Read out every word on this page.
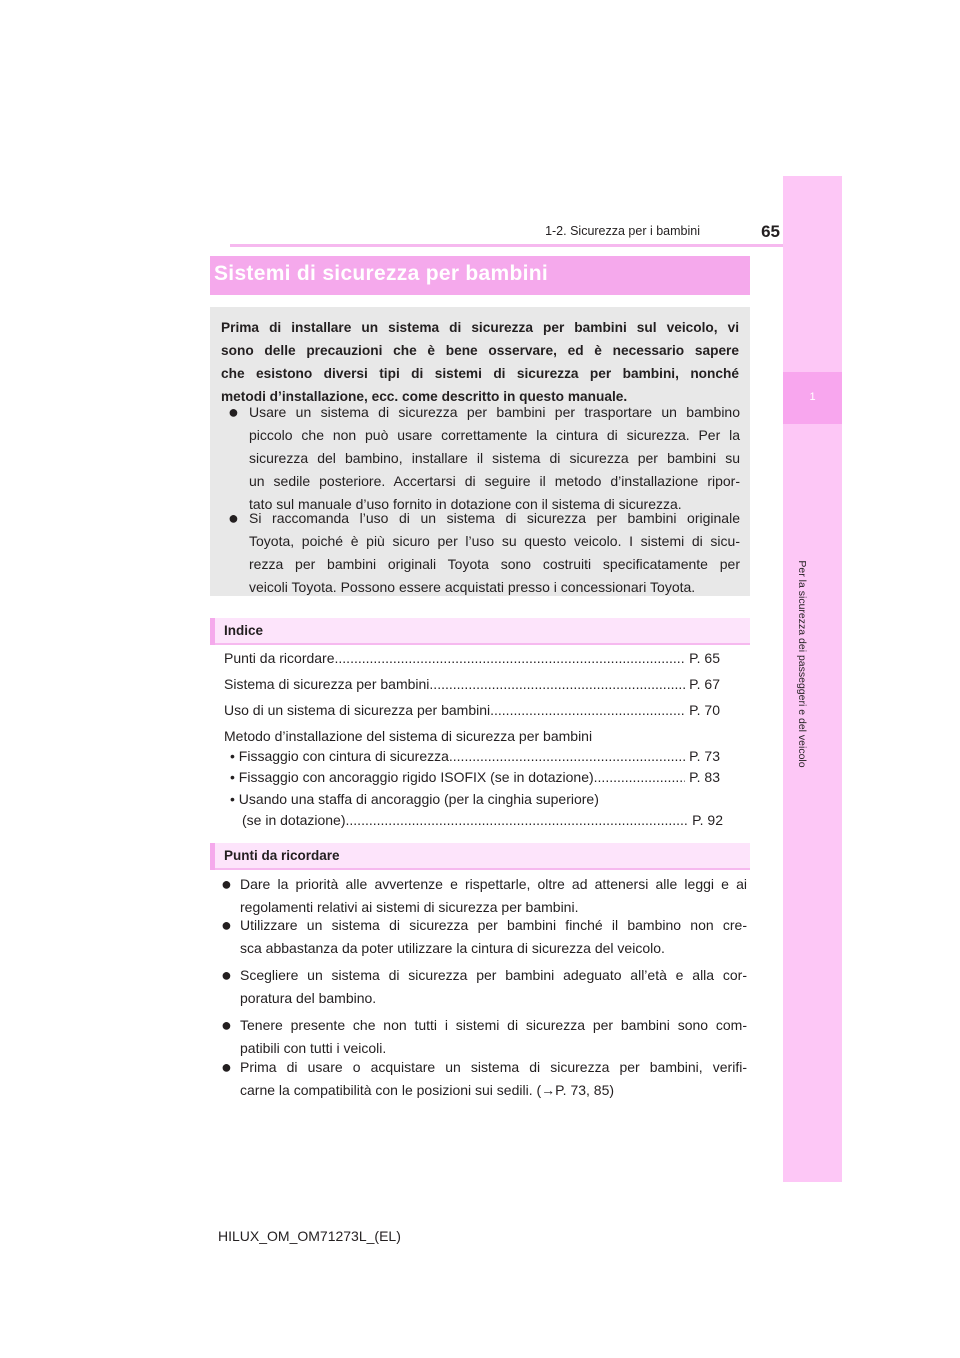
1-2. Sicurezza per i bambini	65
1
Per la sicurezza dei passeggeri e del veicolo
Sistemi di sicurezza per bambini
Prima di installare un sistema di sicurezza per bambini sul veicolo, vi
sono delle precauzioni che è bene osservare, ed è necessario sapere
che esistono diversi tipi di sistemi di sicurezza per bambini, nonché
metodi d’installazione, ecc. come descritto in questo manuale.
● Usare un sistema di sicurezza per bambini per trasportare un bambino
piccolo che non può usare correttamente la cintura di sicurezza. Per la
sicurezza del bambino, installare il sistema di sicurezza per bambini su
un sedile posteriore. Accertarsi di seguire il metodo d’installazione ripor-
tato sul manuale d’uso fornito in dotazione con il sistema di sicurezza.
● Si raccomanda l’uso di un sistema di sicurezza per bambini originale
Toyota, poiché è più sicuro per l’uso su questo veicolo. I sistemi di sicu-
rezza per bambini originali Toyota sono costruiti specificatamente per
veicoli Toyota. Possono essere acquistati presso i concessionari Toyota.
Indice
Punti da ricordare .....	P. 65
Sistema di sicurezza per bambini .....	P. 67
Uso di un sistema di sicurezza per bambini .....	P. 70
Metodo d’installazione del sistema di sicurezza per bambini
• Fissaggio con cintura di sicurezza .....	P. 73
• Fissaggio con ancoraggio rigido ISOFIX (se in dotazione) .....	P. 83
• Usando una staffa di ancoraggio (per la cinghia superiore)
(se in dotazione) .....	P. 92
Punti da ricordare
● Dare la priorità alle avvertenze e rispettarle, oltre ad attenersi alle leggi e ai
regolamenti relativi ai sistemi di sicurezza per bambini.
● Utilizzare un sistema di sicurezza per bambini finché il bambino non cre-
sca abbastanza da poter utilizzare la cintura di sicurezza del veicolo.
● Scegliere un sistema di sicurezza per bambini adeguato all’età e alla cor-
poratura del bambino.
● Tenere presente che non tutti i sistemi di sicurezza per bambini sono com-
patibili con tutti i veicoli.
● Prima di usare o acquistare un sistema di sicurezza per bambini, verifi-
carne la compatibilità con le posizioni sui sedili. (→P. 73, 85)
HILUX_OM_OM71273L_(EL)
